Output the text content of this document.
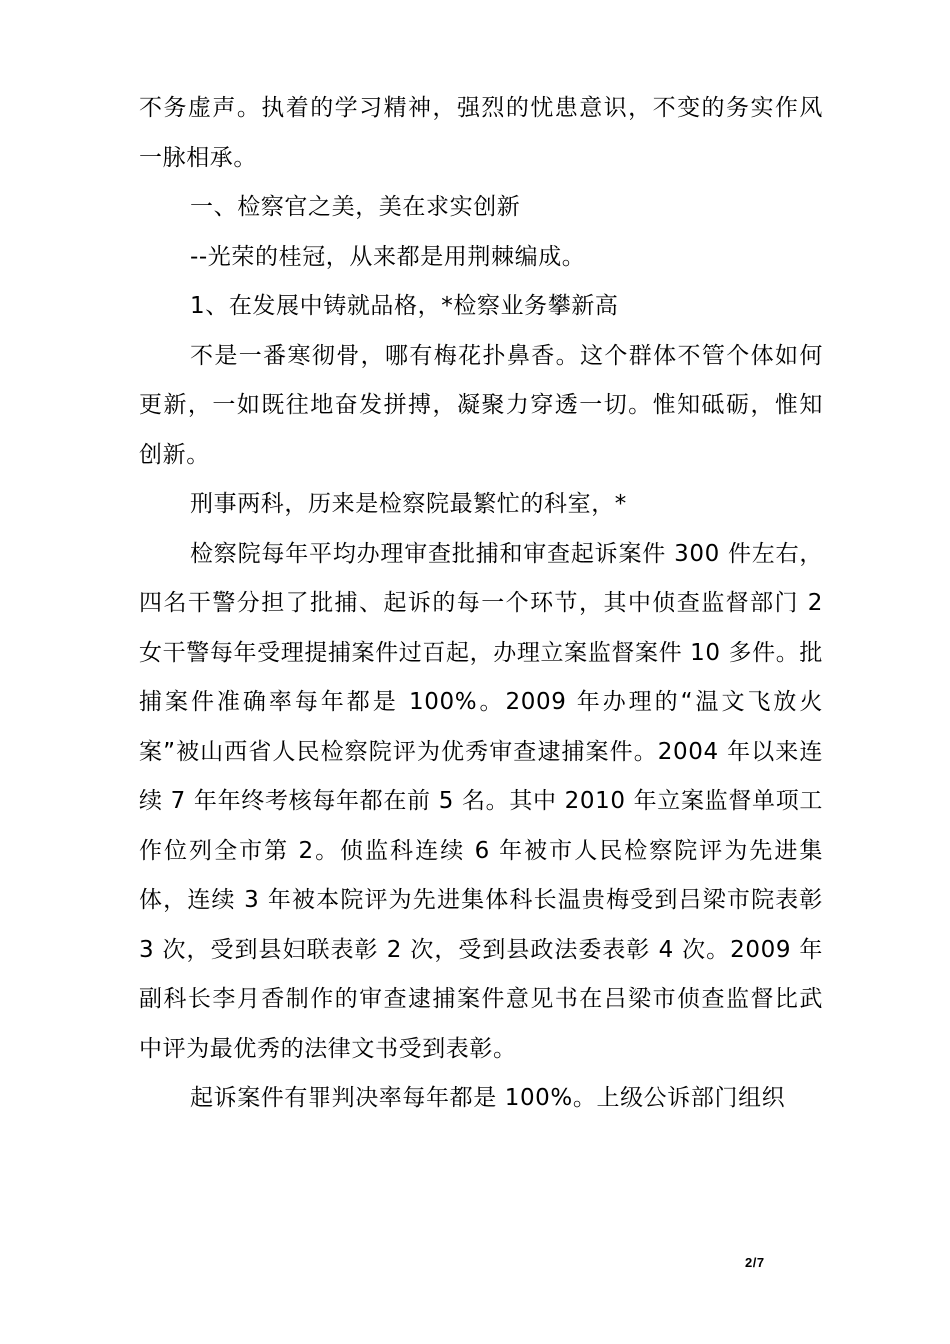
不务虚声。执着的学习精神，强烈的忧患意识，不变的务实作风一脉相承。

一、检察官之美，美在求实创新

--光荣的桂冠，从来都是用荆棘编成。

1、在发展中铸就品格，*检察业务攀新高

不是一番寒彻骨，哪有梅花扑鼻香。这个群体不管个体如何更新，一如既往地奋发拼搏，凝聚力穿透一切。惟知砥砺，惟知创新。

刑事两科，历来是检察院最繁忙的科室，*

检察院每年平均办理审查批捕和审查起诉案件 300 件左右，四名干警分担了批捕、起诉的每一个环节，其中侦查监督部门 2 女干警每年受理提捕案件过百起，办理立案监督案件 10 多件。批捕案件准确率每年都是 100%。2009 年办理的“温文飞放火案”被山西省人民检察院评为优秀审查逮捕案件。2004 年以来连续 7 年年终考核每年都在前 5 名。其中 2010 年立案监督单项工作位列全市第 2。侦监科连续 6 年被市人民检察院评为先进集体，连续 3 年被本院评为先进集体科长温贵梅受到吕梁市院表彰 3 次，受到县妇联表彰 2 次，受到县政法委表彰 4 次。2009 年副科长李月香制作的审查逮捕案件意见书在吕梁市侦查监督比武中评为最优秀的法律文书受到表彰。

起诉案件有罪判决率每年都是 100%。上级公诉部门组织

2/7
